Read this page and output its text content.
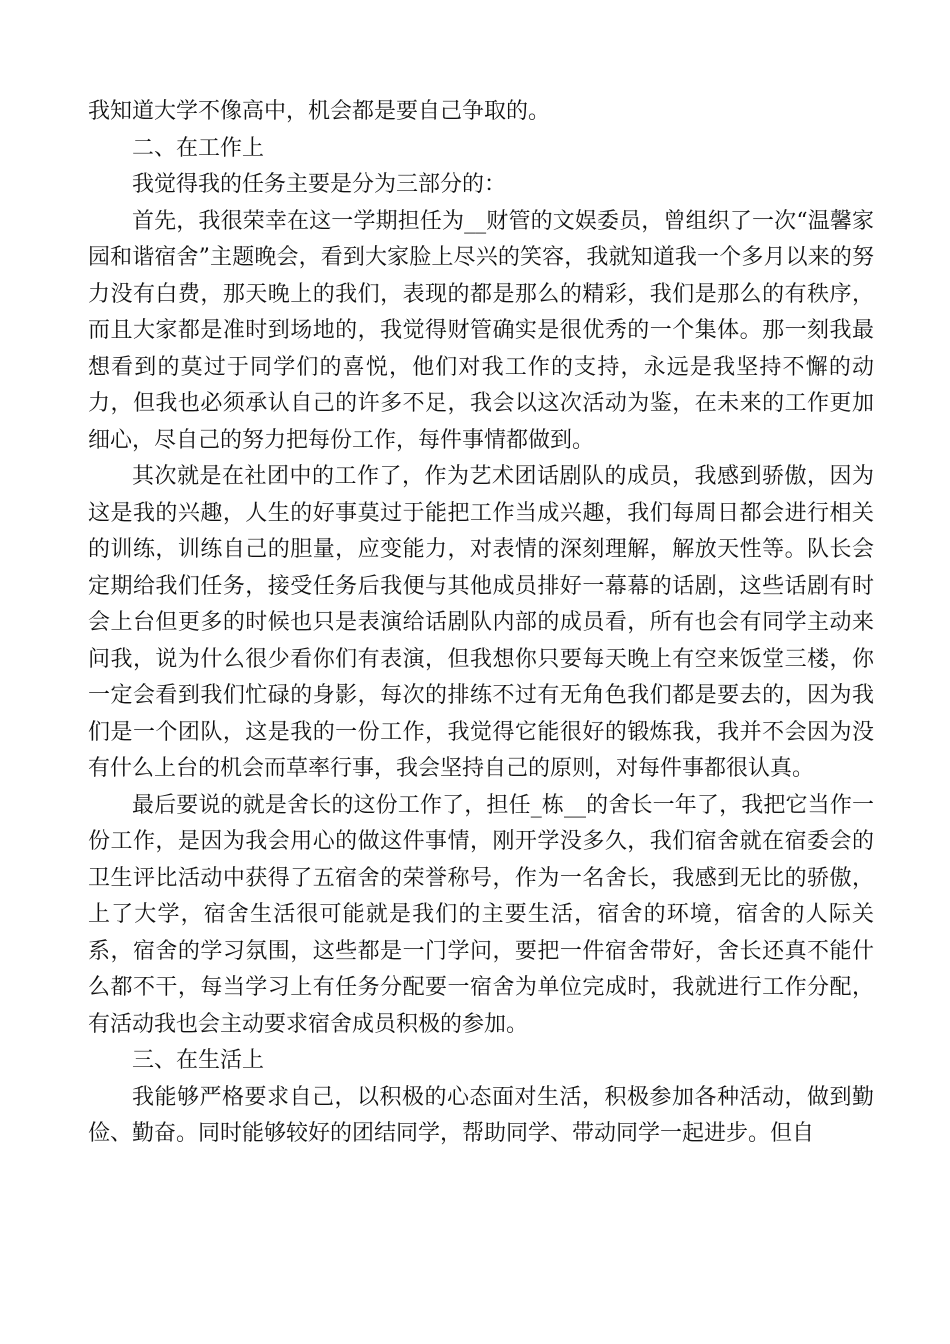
我知道大学不像高中，机会都是要自己争取的。

二、在工作上

我觉得我的任务主要是分为三部分的：

首先，我很荣幸在这一学期担任为__财管的文娱委员，曾组织了一次“温馨家园和谐宿舍”主题晚会，看到大家脸上尽兴的笑容，我就知道我一个多月以来的努力没有白费，那天晚上的我们，表现的都是那么的精彩，我们是那么的有秩序，而且大家都是准时到场地的，我觉得财管确实是很优秀的一个集体。那一刻我最想看到的莫过于同学们的喜悦，他们对我工作的支持，永远是我坚持不懈的动力，但我也必须承认自己的许多不足，我会以这次活动为鉴，在未来的工作更加细心，尽自己的努力把每份工作，每件事情都做到。

其次就是在社团中的工作了，作为艺术团话剧队的成员，我感到骄傲，因为这是我的兴趣，人生的好事莫过于能把工作当成兴趣，我们每周日都会进行相关的训练，训练自己的胆量，应变能力，对表情的深刻理解，解放天性等。队长会定期给我们任务，接受任务后我便与其他成员排好一幕幕的话剧，这些话剧有时会上台但更多的时候也只是表演给话剧队内部的成员看，所有也会有同学主动来问我，说为什么很少看你们有表演，但我想你只要每天晚上有空来饭堂三楼，你一定会看到我们忙碌的身影，每次的排练不过有无角色我们都是要去的，因为我们是一个团队，这是我的一份工作，我觉得它能很好的锻炼我，我并不会因为没有什么上台的机会而草率行事，我会坚持自己的原则，对每件事都很认真。

最后要说的就是舍长的这份工作了，担任_栋__的舍长一年了，我把它当作一份工作，是因为我会用心的做这件事情，刚开学没多久，我们宿舍就在宿委会的卫生评比活动中获得了五宿舍的荣誉称号，作为一名舍长，我感到无比的骄傲，上了大学，宿舍生活很可能就是我们的主要生活，宿舍的环境，宿舍的人际关系，宿舍的学习氛围，这些都是一门学问，要把一件宿舍带好，舍长还真不能什么都不干，每当学习上有任务分配要一宿舍为单位完成时，我就进行工作分配，有活动我也会主动要求宿舍成员积极的参加。

三、在生活上

我能够严格要求自己，以积极的心态面对生活，积极参加各种活动，做到勤俭、勤奋。同时能够较好的团结同学，帮助同学、带动同学一起进步。但自
